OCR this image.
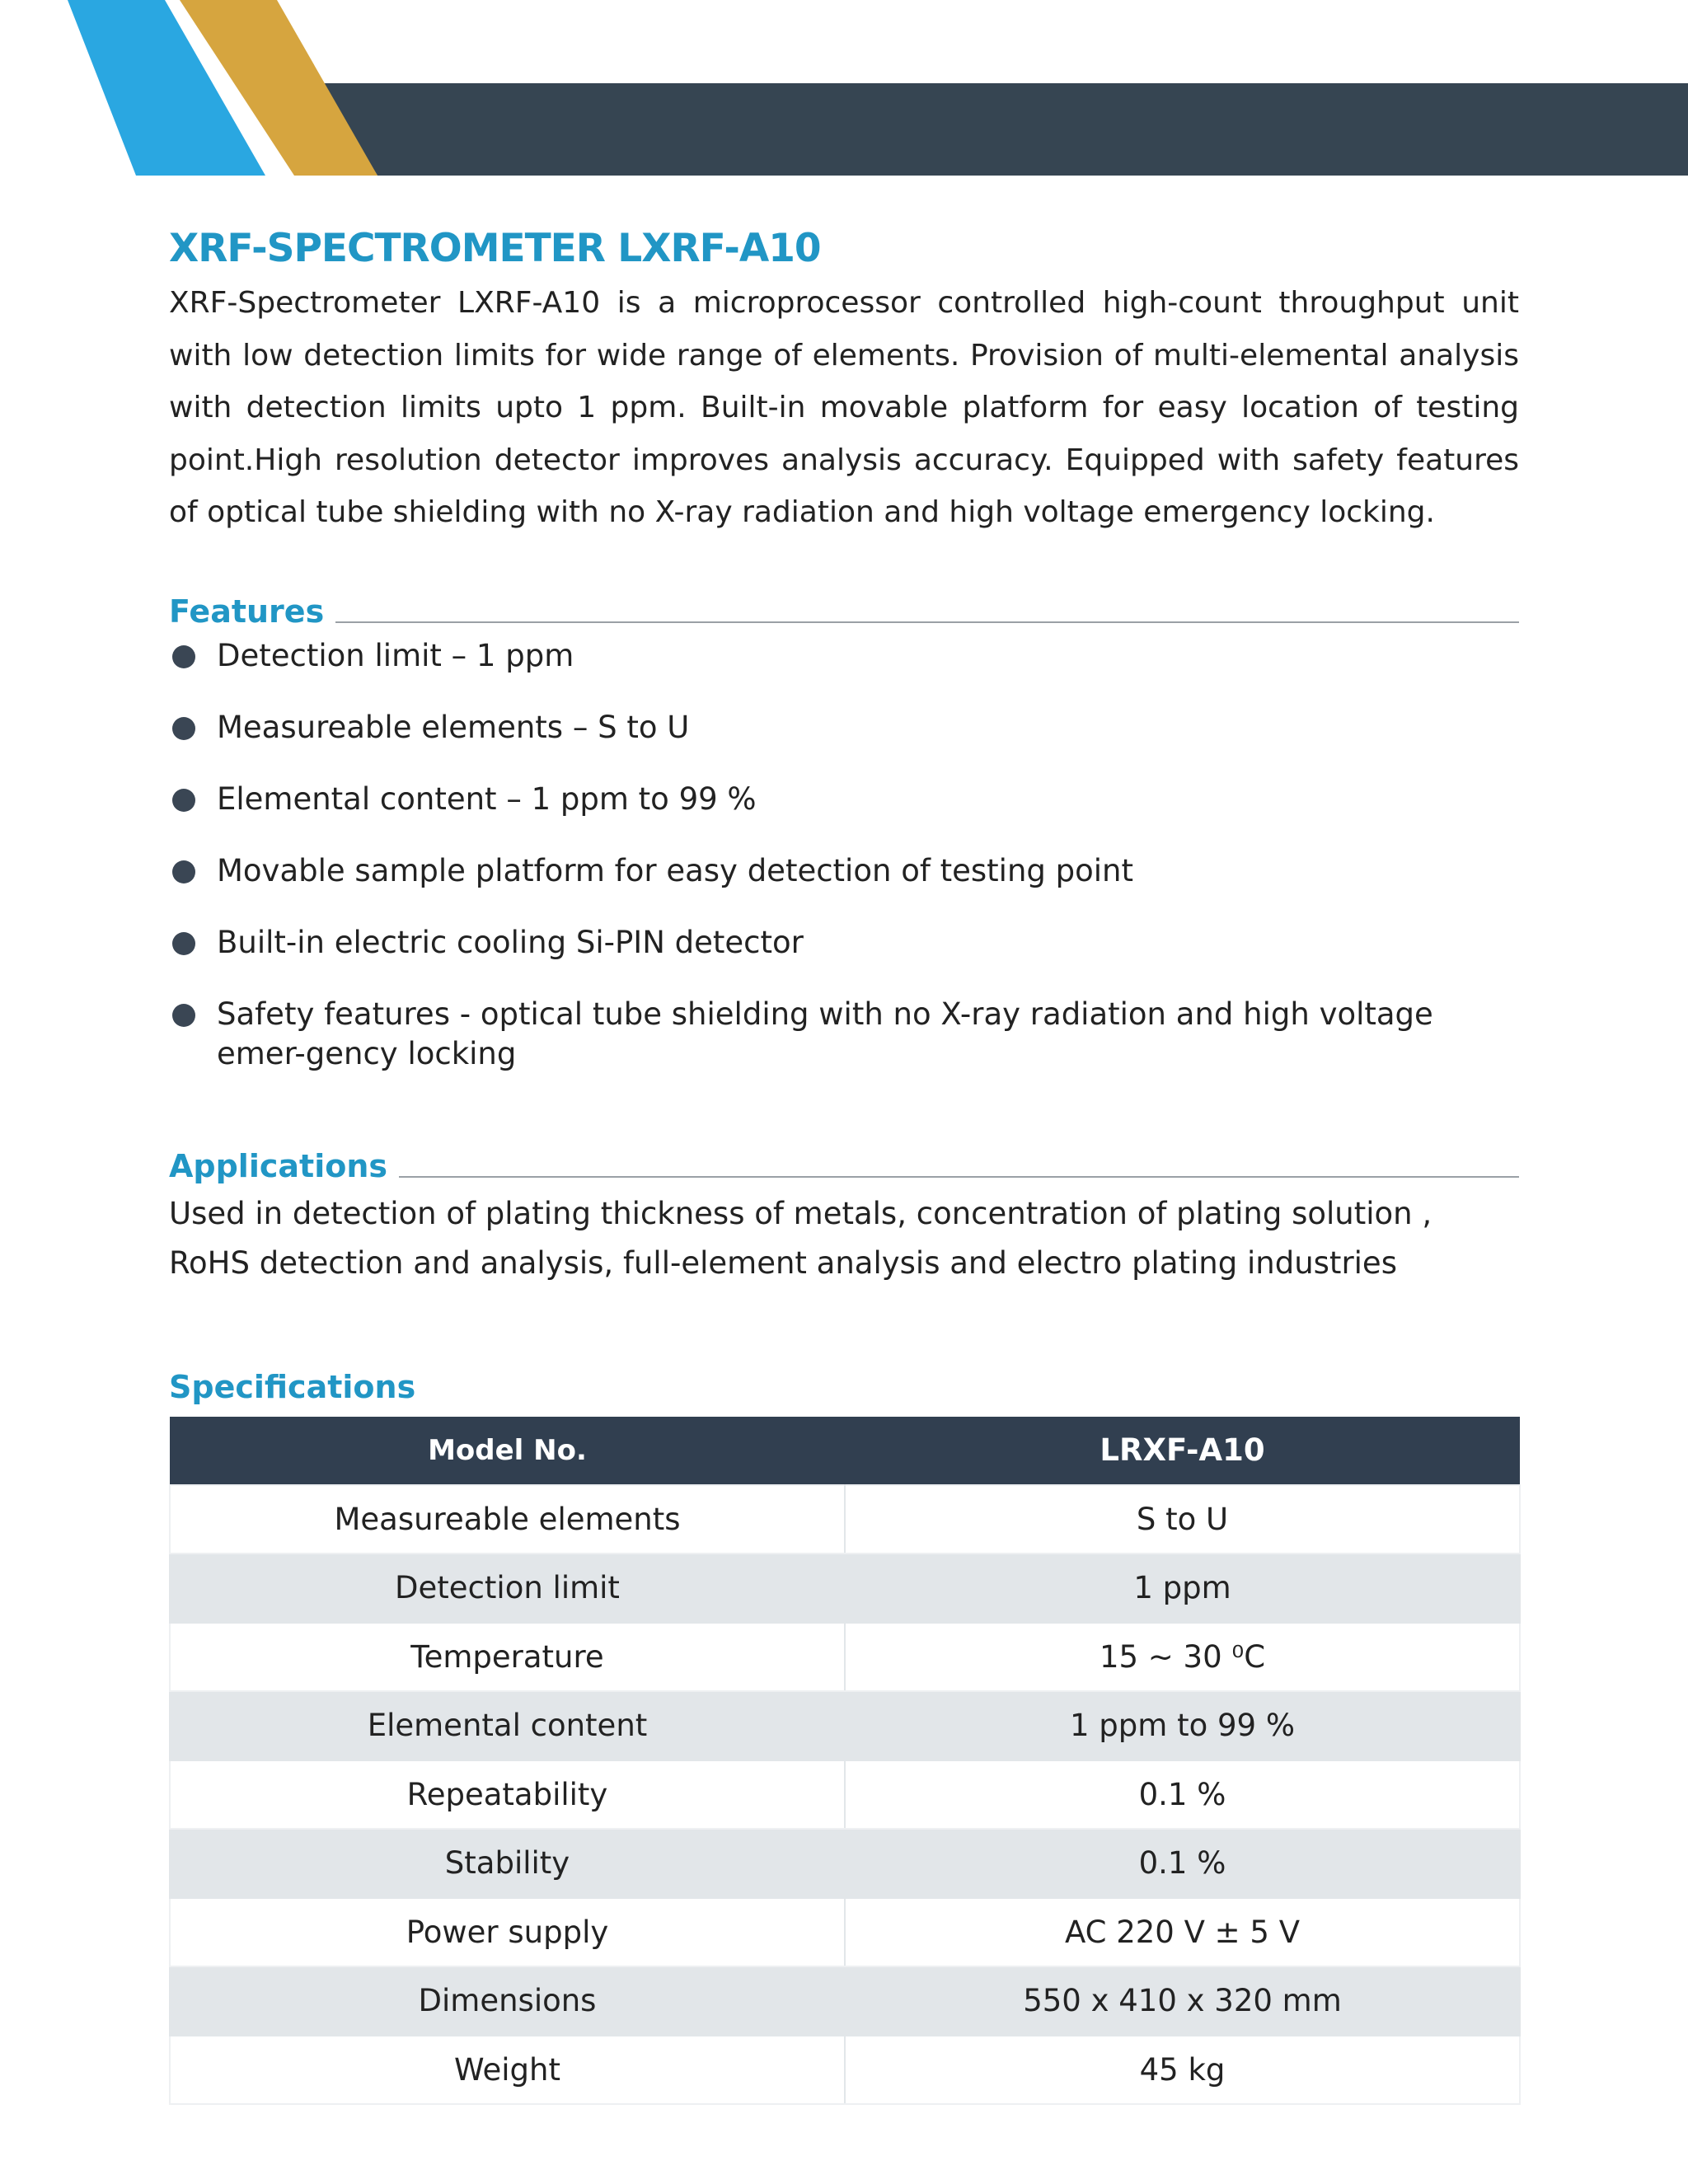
XRF-SPECTROMETER LXRF-A10

XRF-Spectrometer LXRF-A10 is a microprocessor controlled high-count throughput unit with low detection limits for wide range of elements. Provision of multi-elemental analysis with detection limits upto 1 ppm. Built-in movable platform for easy location of testing point.High resolution detector improves analysis accuracy. Equipped with safety features of optical tube shielding with no X-ray radiation and high voltage emergency locking.

Features
Detection limit – 1 ppm
Measureable elements – S to U
Elemental content – 1 ppm to 99 %
Movable sample platform for easy detection of testing point
Built-in electric cooling Si-PIN detector
Safety features - optical tube shielding with no X-ray radiation and high voltage emer-gency locking
Applications

Used in detection of plating thickness of metals, concentration of plating solution , RoHS detection and analysis, full-element analysis and electro plating industries

Specifications
Model No.	LRXF-A10
Measureable elements	S to U
Detection limit	1 ppm
Temperature	15 ~ 30 ⁰C
Elemental content	1 ppm to 99 %
Repeatability	0.1 %
Stability	0.1 %
Power supply	AC 220 V ± 5 V
Dimensions	550 x 410 x 320 mm
Weight	45 kg
